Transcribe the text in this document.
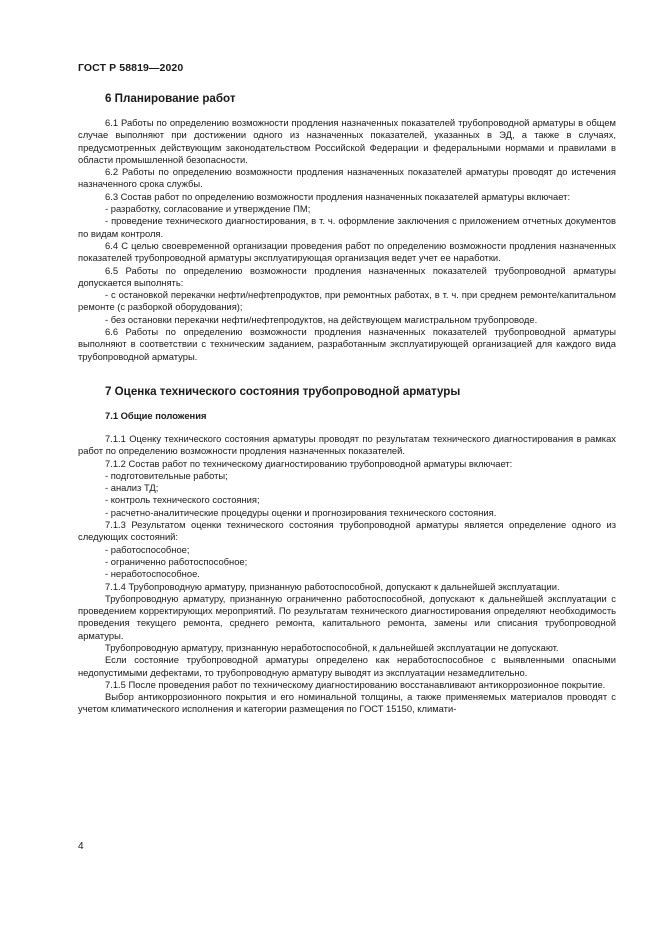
ГОСТ Р 58819—2020
6 Планирование работ

6.1 Работы по определению возможности продления назначенных показателей трубопроводной арматуры в общем случае выполняют при достижении одного из назначенных показателей, указанных в ЭД, а также в случаях, предусмотренных действующим законодательством Российской Федерации и федеральными нормами и правилами в области промышленной безопасности.

6.2 Работы по определению возможности продления назначенных показателей арматуры проводят до истечения назначенного срока службы.

6.3 Состав работ по определению возможности продления назначенных показателей арматуры включает:

- разработку, согласование и утверждение ПМ;

- проведение технического диагностирования, в т. ч. оформление заключения с приложением отчетных документов по видам контроля.

6.4 С целью своевременной организации проведения работ по определению возможности продления назначенных показателей трубопроводной арматуры эксплуатирующая организация ведет учет ее наработки.

6.5 Работы по определению возможности продления назначенных показателей трубопроводной арматуры допускается выполнять:

- с остановкой перекачки нефти/нефтепродуктов, при ремонтных работах, в т. ч. при среднем ремонте/капитальном ремонте (с разборкой оборудования);

- без остановки перекачки нефти/нефтепродуктов, на действующем магистральном трубопроводе.

6.6 Работы по определению возможности продления назначенных показателей трубопроводной арматуры выполняют в соответствии с техническим заданием, разработанным эксплуатирующей организацией для каждого вида трубопроводной арматуры.

7 Оценка технического состояния трубопроводной арматуры
7.1 Общие положения

7.1.1 Оценку технического состояния арматуры проводят по результатам технического диагностирования в рамках работ по определению возможности продления назначенных показателей.

7.1.2 Состав работ по техническому диагностированию трубопроводной арматуры включает:

- подготовительные работы;

- анализ ТД;

- контроль технического состояния;

- расчетно-аналитические процедуры оценки и прогнозирования технического состояния.

7.1.3 Результатом оценки технического состояния трубопроводной арматуры является определение одного из следующих состояний:

- работоспособное;

- ограниченно работоспособное;

- неработоспособное.

7.1.4 Трубопроводную арматуру, признанную работоспособной, допускают к дальнейшей эксплуатации.

Трубопроводную арматуру, признанную ограниченно работоспособной, допускают к дальнейшей эксплуатации с проведением корректирующих мероприятий. По результатам технического диагностирования определяют необходимость проведения текущего ремонта, среднего ремонта, капитального ремонта, замены или списания трубопроводной арматуры.

Трубопроводную арматуру, признанную неработоспособной, к дальнейшей эксплуатации не допускают.

Если состояние трубопроводной арматуры определено как неработоспособное с выявленными опасными недопустимыми дефектами, то трубопроводную арматуру выводят из эксплуатации незамедлительно.

7.1.5 После проведения работ по техническому диагностированию восстанавливают антикоррозионное покрытие.

Выбор антикоррозионного покрытия и его номинальной толщины, а также применяемых материалов проводят с учетом климатического исполнения и категории размещения по ГОСТ 15150, климати-

4
